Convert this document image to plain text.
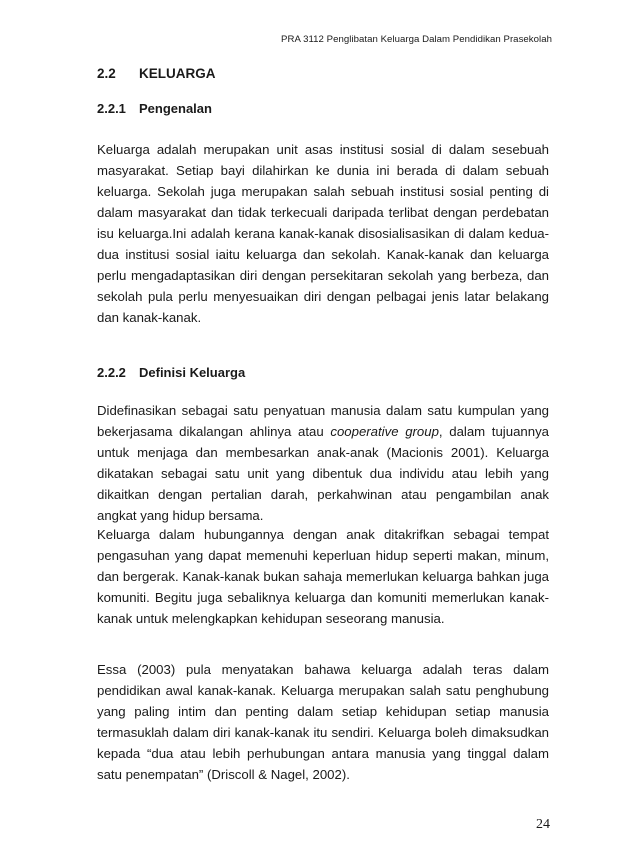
PRA 3112 Penglibatan Keluarga Dalam Pendidikan Prasekolah
2.2 KELUARGA
2.2.1 Pengenalan

Keluarga adalah merupakan unit asas institusi sosial di dalam sesebuah masyarakat. Setiap bayi dilahirkan ke dunia ini berada di dalam sebuah keluarga. Sekolah juga merupakan salah sebuah institusi sosial penting di dalam masyarakat dan tidak terkecuali daripada terlibat dengan perdebatan isu keluarga.Ini adalah kerana kanak-kanak disosialisasikan di dalam kedua-dua institusi sosial iaitu keluarga dan sekolah. Kanak-kanak dan keluarga perlu mengadaptasikan diri dengan persekitaran sekolah yang berbeza, dan sekolah pula perlu menyesuaikan diri dengan pelbagai jenis latar belakang dan kanak-kanak.

2.2.2 Definisi Keluarga

Didefinasikan sebagai satu penyatuan manusia dalam satu kumpulan yang bekerjasama dikalangan ahlinya atau cooperative group, dalam tujuannya untuk menjaga dan membesarkan anak-anak (Macionis 2001). Keluarga dikatakan sebagai satu unit yang dibentuk dua individu atau lebih yang dikaitkan dengan pertalian darah, perkahwinan atau pengambilan anak angkat yang hidup bersama.

Keluarga dalam hubungannya dengan anak ditakrifkan sebagai tempat pengasuhan yang dapat memenuhi keperluan hidup seperti makan, minum, dan bergerak. Kanak-kanak bukan sahaja memerlukan keluarga bahkan juga komuniti. Begitu juga sebaliknya keluarga dan komuniti memerlukan kanak-kanak untuk melengkapkan kehidupan seseorang manusia.

Essa (2003) pula menyatakan bahawa keluarga adalah teras dalam pendidikan awal kanak-kanak. Keluarga merupakan salah satu penghubung yang paling intim dan penting dalam setiap kehidupan setiap manusia termasuklah dalam diri kanak-kanak itu sendiri. Keluarga boleh dimaksudkan kepada “dua atau lebih perhubungan antara manusia yang tinggal dalam satu penempatan” (Driscoll & Nagel, 2002).

24
